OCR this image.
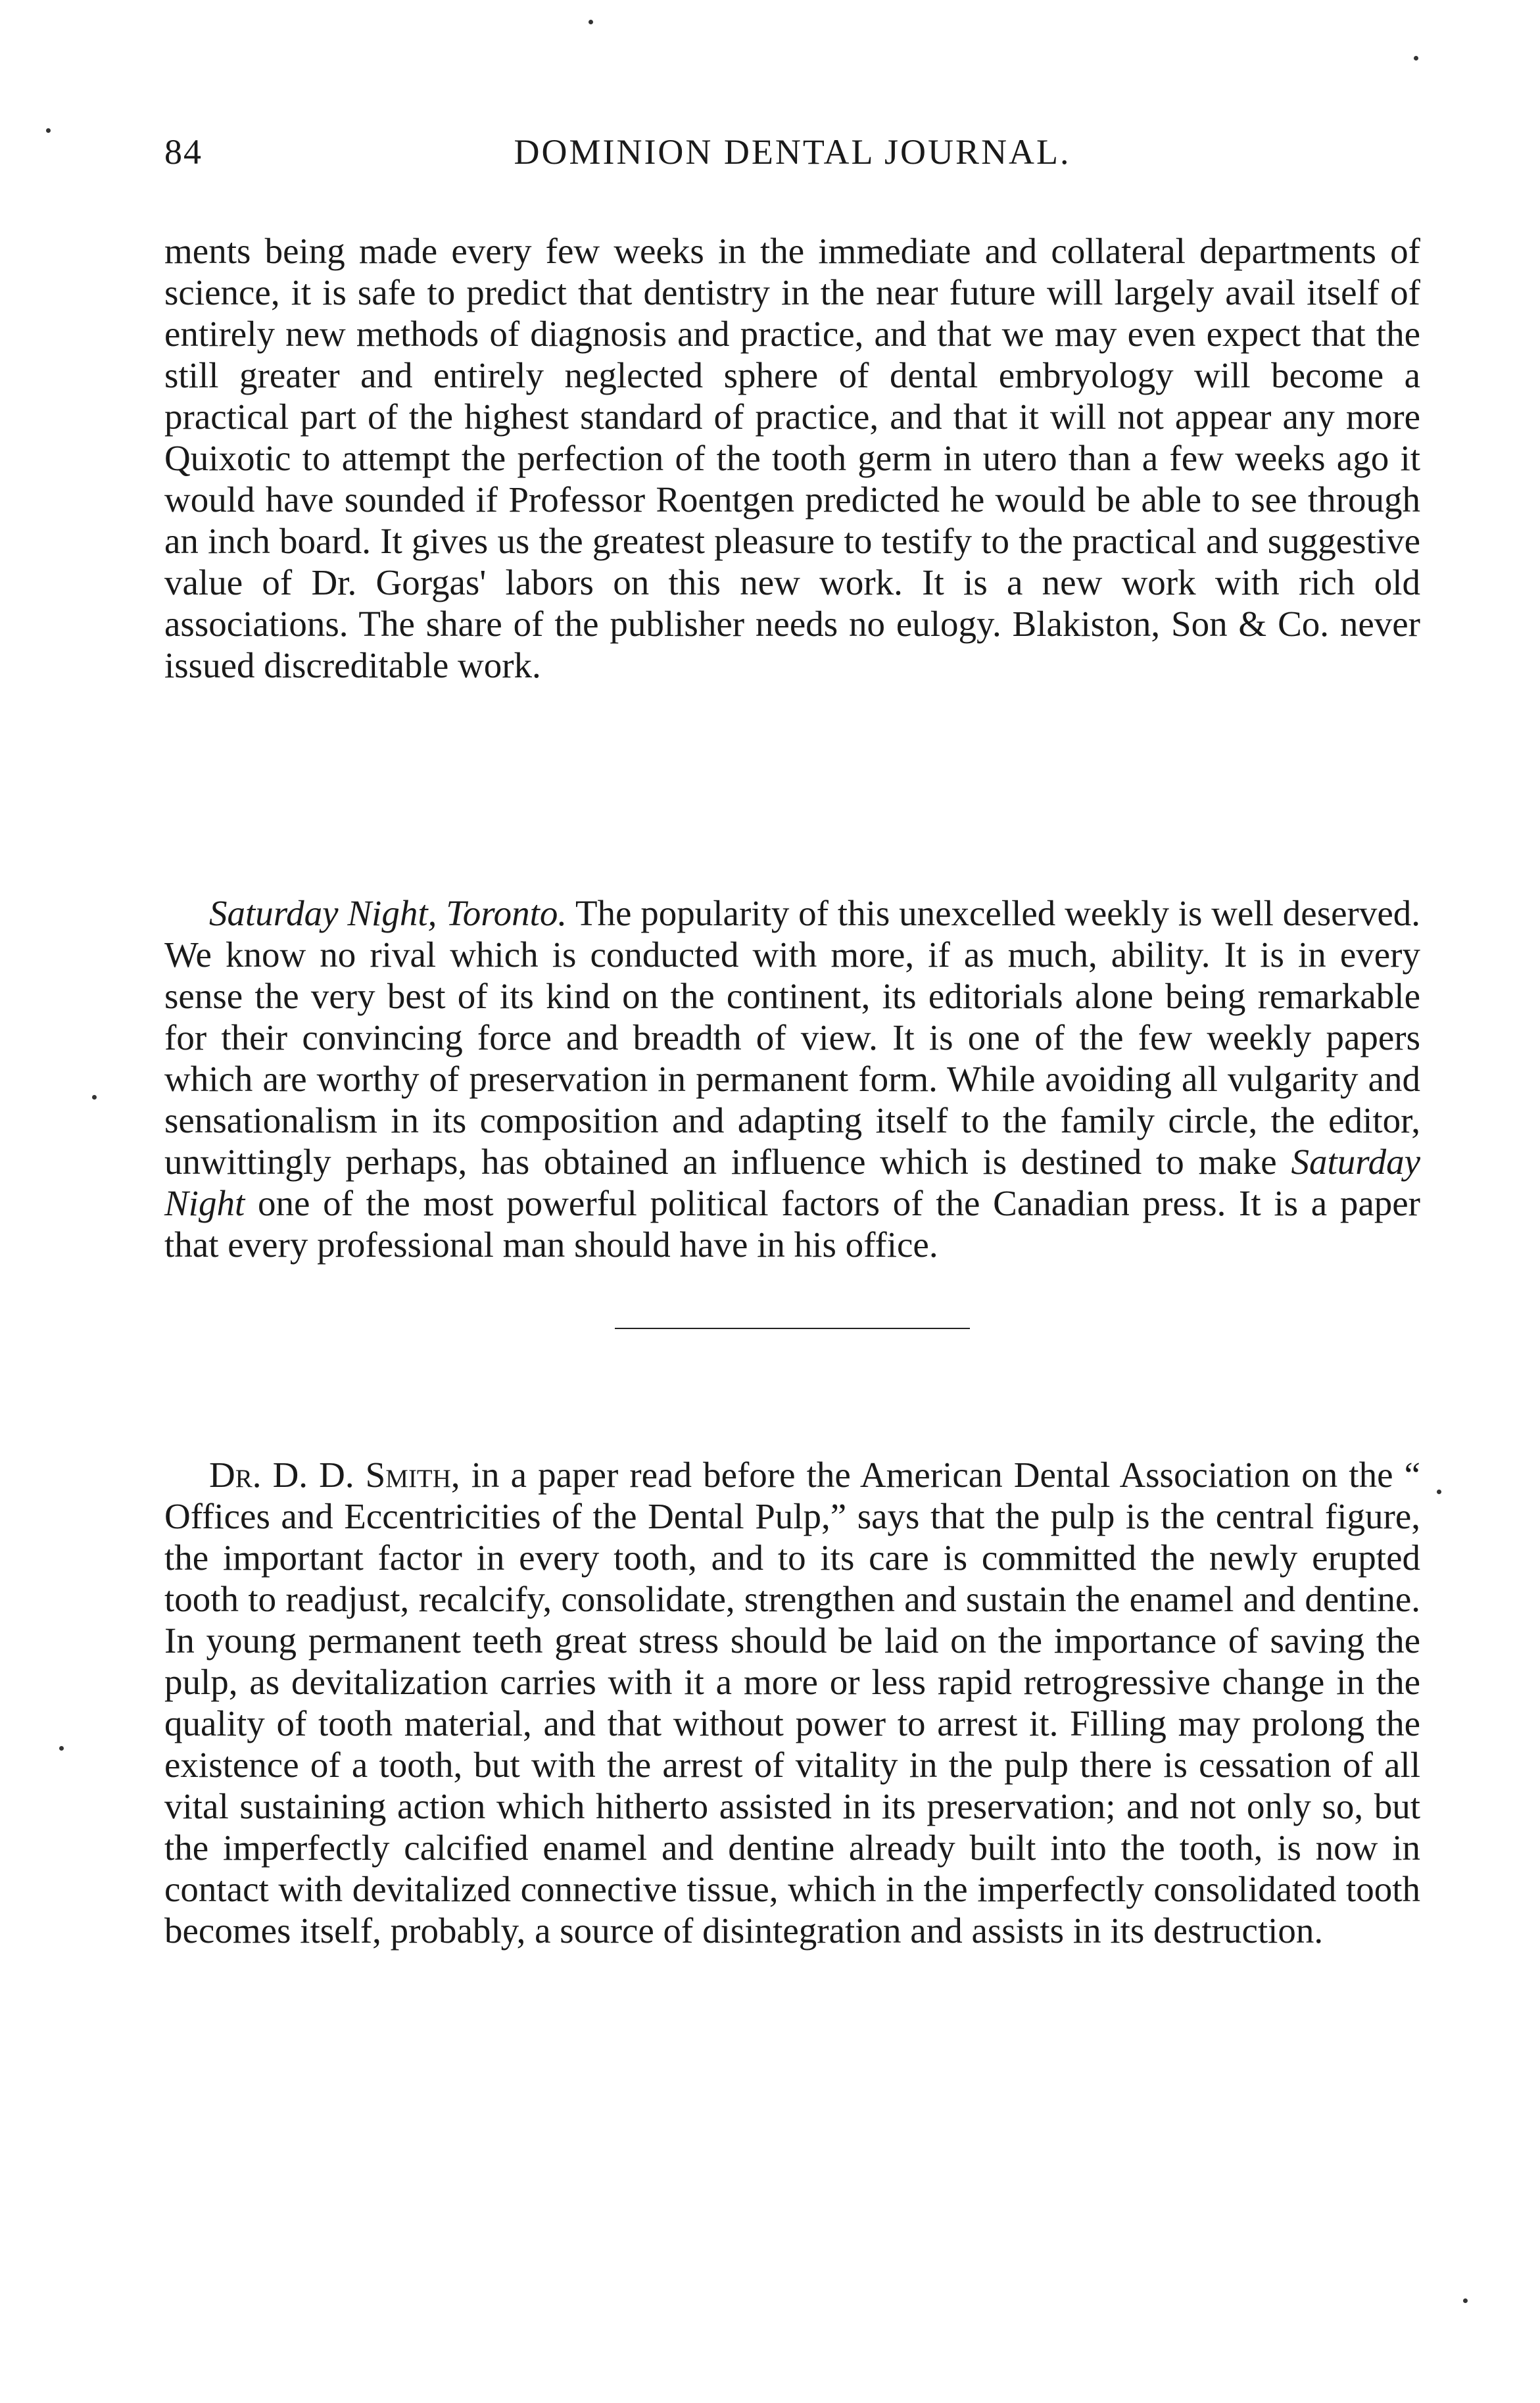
84	DOMINION DENTAL JOURNAL.

ments being made every few weeks in the immediate and collateral departments of science, it is safe to predict that dentistry in the near future will largely avail itself of entirely new methods of diagnosis and practice, and that we may even expect that the still greater and entirely neglected sphere of dental embryology will become a practical part of the highest standard of practice, and that it will not appear any more Quixotic to attempt the perfection of the tooth germ in utero than a few weeks ago it would have sounded if Professor Roentgen predicted he would be able to see through an inch board. It gives us the greatest pleasure to testify to the practical and suggestive value of Dr. Gorgas' labors on this new work. It is a new work with rich old associations. The share of the publisher needs no eulogy. Blakiston, Son & Co. never issued discreditable work.

Saturday Night, Toronto. The popularity of this unexcelled weekly is well deserved. We know no rival which is conducted with more, if as much, ability. It is in every sense the very best of its kind on the continent, its editorials alone being remarkable for their convincing force and breadth of view. It is one of the few weekly papers which are worthy of preservation in permanent form. While avoiding all vulgarity and sensationalism in its composition and adapting itself to the family circle, the editor, unwittingly perhaps, has obtained an influence which is destined to make Saturday Night one of the most powerful political factors of the Canadian press. It is a paper that every professional man should have in his office.

Dr. D. D. Smith, in a paper read before the American Dental Association on the “ Offices and Eccentricities of the Dental Pulp,” says that the pulp is the central figure, the important factor in every tooth, and to its care is committed the newly erupted tooth to readjust, recalcify, consolidate, strengthen and sustain the enamel and dentine. In young permanent teeth great stress should be laid on the importance of saving the pulp, as devitalization carries with it a more or less rapid retrogressive change in the quality of tooth material, and that without power to arrest it. Filling may prolong the existence of a tooth, but with the arrest of vitality in the pulp there is cessation of all vital sustaining action which hitherto assisted in its preservation; and not only so, but the imperfectly calcified enamel and dentine already built into the tooth, is now in contact with devitalized connective tissue, which in the imperfectly consolidated tooth becomes itself, probably, a source of disintegration and assists in its destruction.
